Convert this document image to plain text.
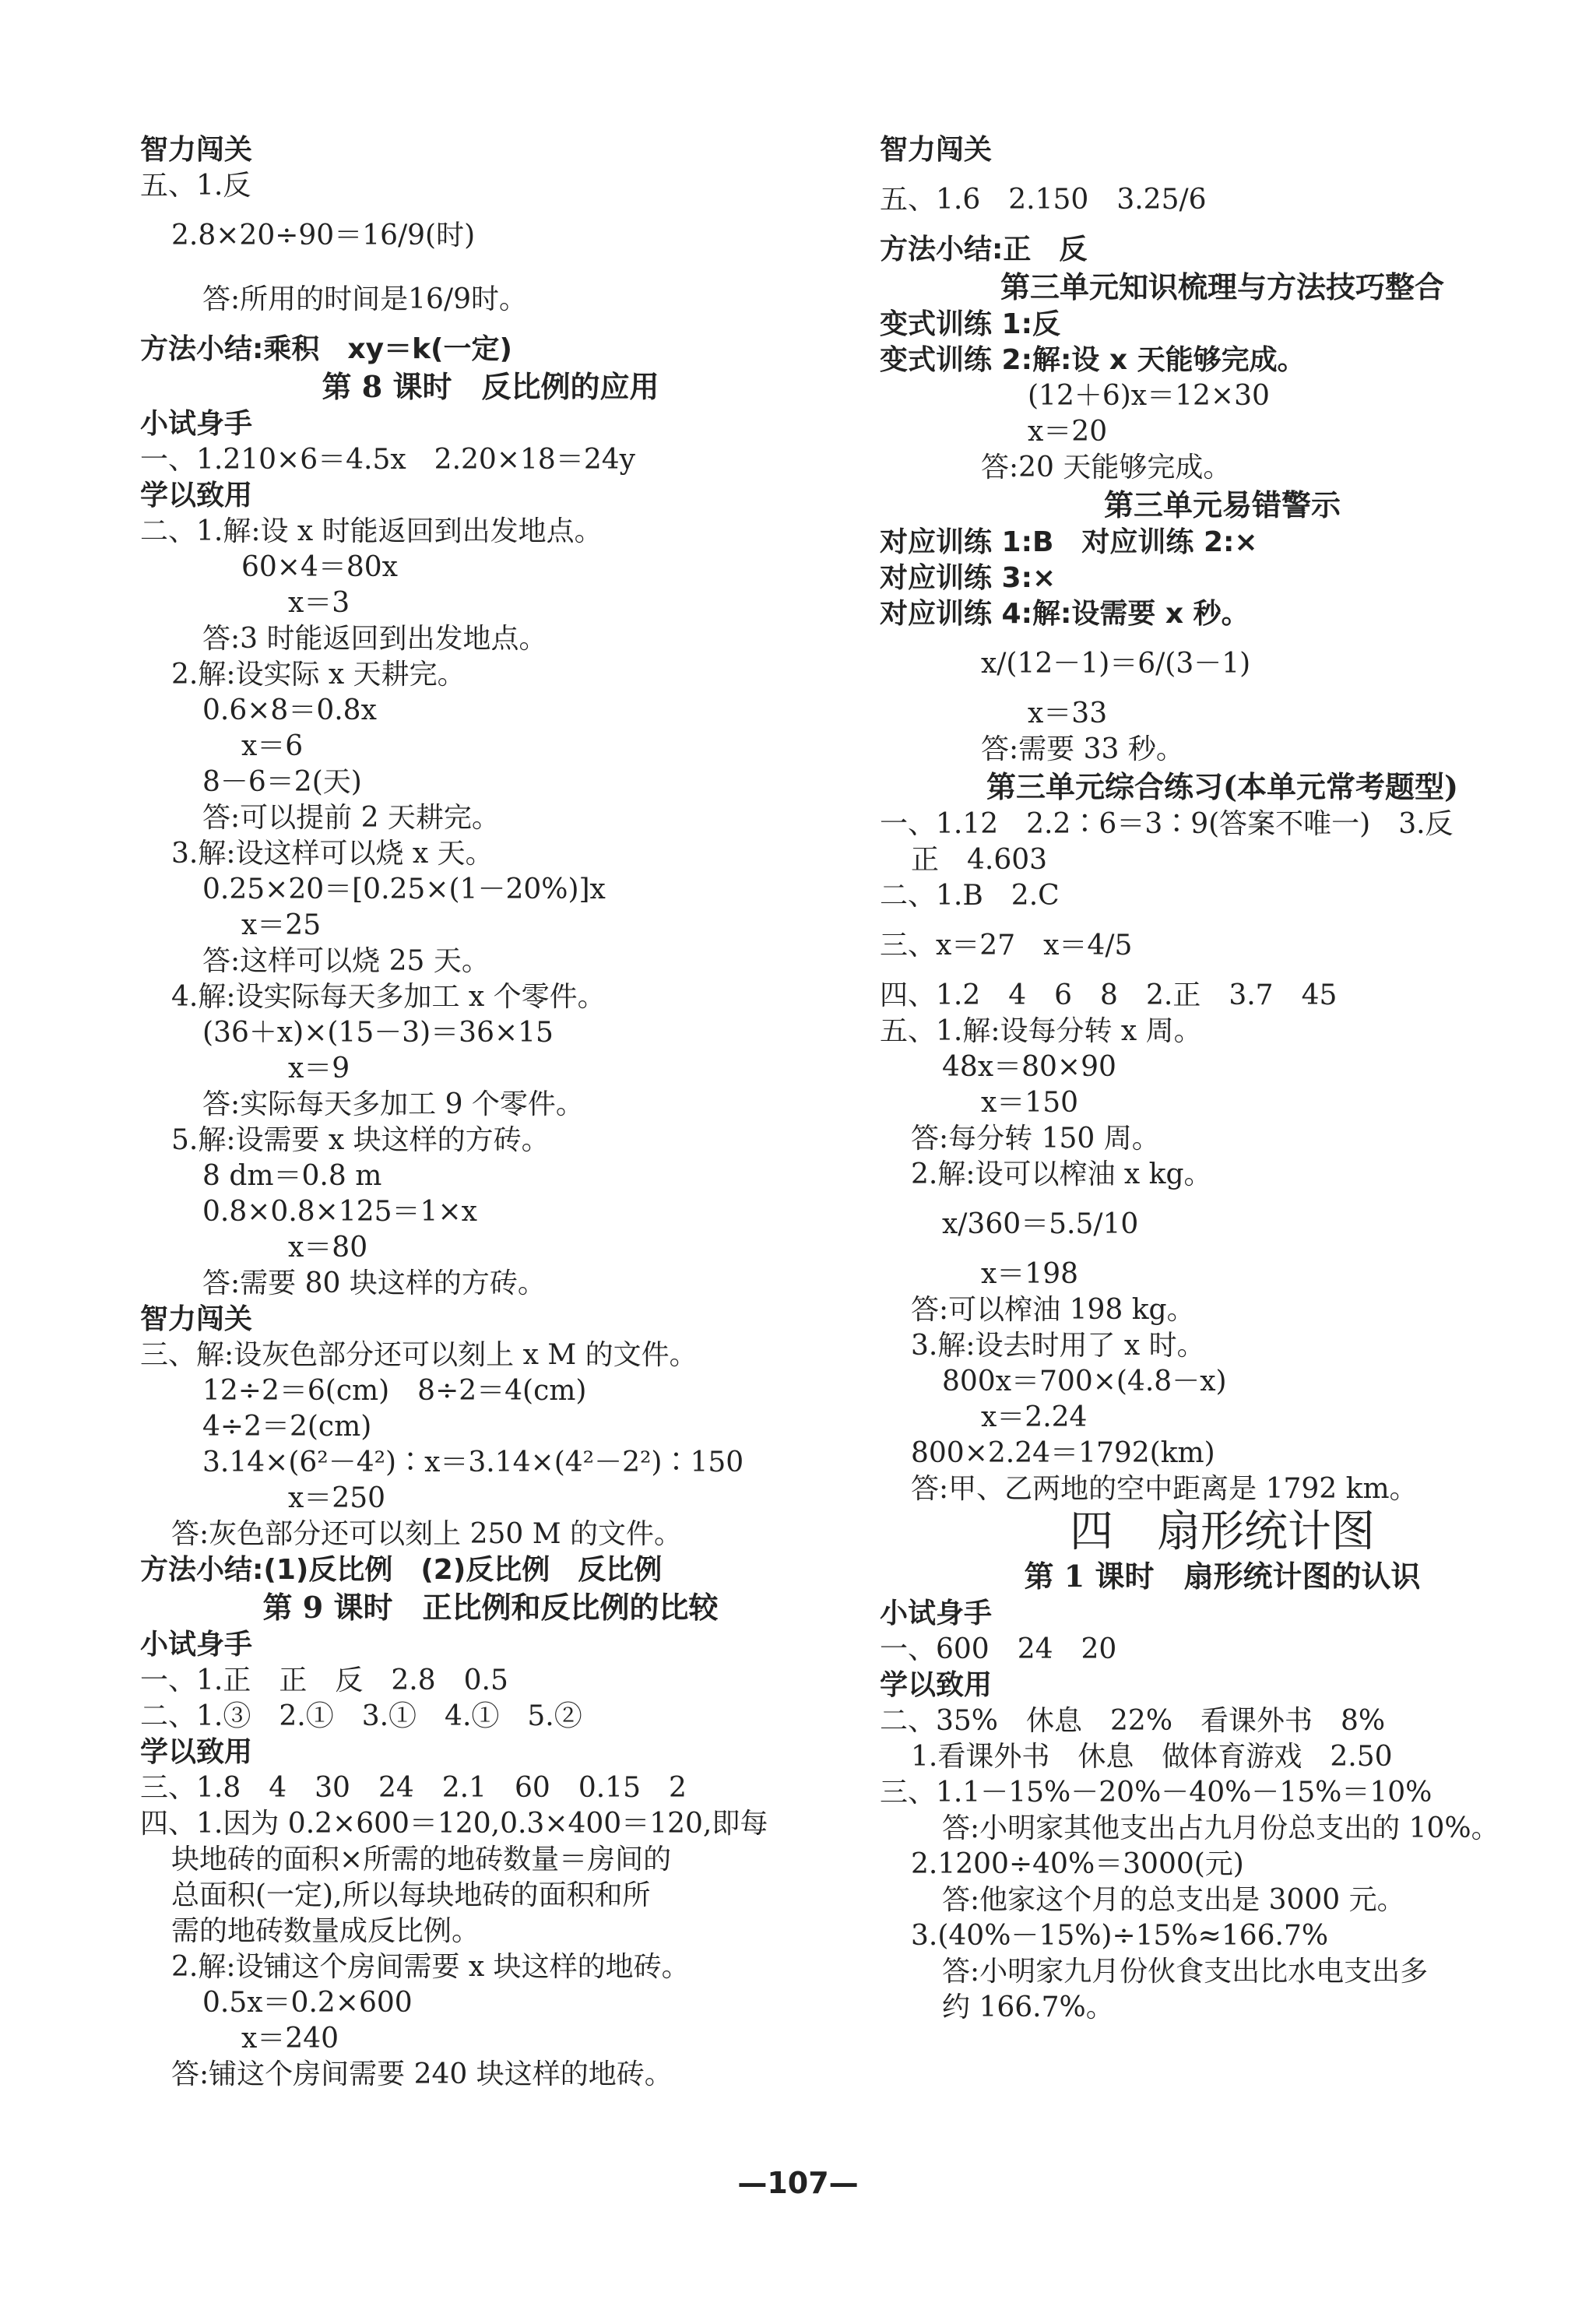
智力闯关
五、1.反
2.8×20÷90＝16/9(时)
答:所用的时间是16/9时。
方法小结:乘积　xy＝k(一定)
第 8 课时　反比例的应用
小试身手
一、1.210×6＝4.5x　2.20×18＝24y
学以致用
二、1.解:设 x 时能返回到出发地点。
60×4＝80x
x＝3
答:3 时能返回到出发地点。
2.解:设实际 x 天耕完。
0.6×8＝0.8x
x＝6
8－6＝2(天)
答:可以提前 2 天耕完。
3.解:设这样可以烧 x 天。
0.25×20＝[0.25×(1－20%)]x
x＝25
答:这样可以烧 25 天。
4.解:设实际每天多加工 x 个零件。
(36＋x)×(15－3)＝36×15
x＝9
答:实际每天多加工 9 个零件。
5.解:设需要 x 块这样的方砖。
8 dm＝0.8 m
0.8×0.8×125＝1×x
x＝80
答:需要 80 块这样的方砖。
智力闯关
三、解:设灰色部分还可以刻上 x M 的文件。
12÷2＝6(cm)　8÷2＝4(cm)
4÷2＝2(cm)
3.14×(6²－4²)∶x＝3.14×(4²－2²)∶150
x＝250
答:灰色部分还可以刻上 250 M 的文件。
方法小结:(1)反比例　(2)反比例　反比例
第 9 课时　正比例和反比例的比较
小试身手
一、1.正　正　反　2.8　0.5
二、1.③　2.①　3.①　4.①　5.②
学以致用
三、1.8　4　30　24　2.1　60　0.15　2
四、1.因为 0.2×600＝120,0.3×400＝120,即每
块地砖的面积×所需的地砖数量＝房间的
总面积(一定),所以每块地砖的面积和所
需的地砖数量成反比例。
2.解:设铺这个房间需要 x 块这样的地砖。
0.5x＝0.2×600
x＝240
答:铺这个房间需要 240 块这样的地砖。
智力闯关
五、1.6　2.150　3.25/6
方法小结:正　反
第三单元知识梳理与方法技巧整合
变式训练 1:反
变式训练 2:解:设 x 天能够完成。
(12＋6)x＝12×30
x＝20
答:20 天能够完成。
第三单元易错警示
对应训练 1:B　对应训练 2:×
对应训练 3:×
对应训练 4:解:设需要 x 秒。
x/(12－1)＝6/(3－1)
x＝33
答:需要 33 秒。
第三单元综合练习(本单元常考题型)
一、1.12　2.2∶6＝3∶9(答案不唯一)　3.反
正　4.603
二、1.B　2.C
三、x＝27　x＝4/5
四、1.2　4　6　8　2.正　3.7　45
五、1.解:设每分转 x 周。
48x＝80×90
x＝150
答:每分转 150 周。
2.解:设可以榨油 x kg。
x/360＝5.5/10
x＝198
答:可以榨油 198 kg。
3.解:设去时用了 x 时。
800x＝700×(4.8－x)
x＝2.24
800×2.24＝1792(km)
答:甲、乙两地的空中距离是 1792 km。
四　扇形统计图
第 1 课时　扇形统计图的认识
小试身手
一、600　24　20
学以致用
二、35%　休息　22%　看课外书　8%
1.看课外书　休息　做体育游戏　2.50
三、1.1－15%－20%－40%－15%＝10%
答:小明家其他支出占九月份总支出的 10%。
2.1200÷40%＝3000(元)
答:他家这个月的总支出是 3000 元。
3.(40%－15%)÷15%≈166.7%
答:小明家九月份伙食支出比水电支出多
约 166.7%。
—107—
